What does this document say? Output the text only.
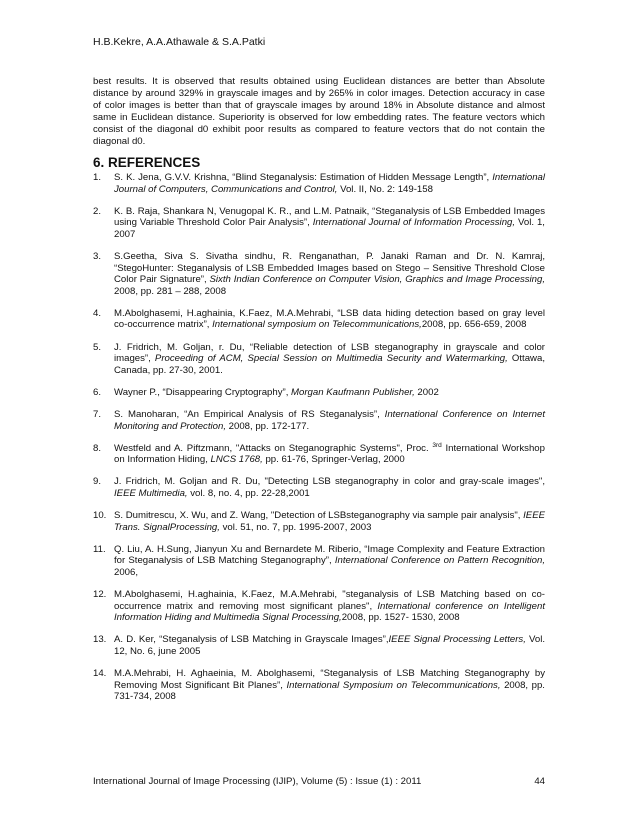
H.B.Kekre, A.A.Athawale & S.A.Patki

best results. It is observed that results obtained using Euclidean distances are better than Absolute distance by around 329% in grayscale images and by 265% in color images. Detection accuracy in case of color images is better than that of grayscale images by around 18% in Absolute distance and almost same in Euclidean distance. Superiority is observed for low embedding rates. The feature vectors which consist of the diagonal d0 exhibit poor results as compared to feature vectors that do not contain the diagonal d0.

6. REFERENCES
1. S. K. Jena, G.V.V. Krishna, “Blind Steganalysis: Estimation of Hidden Message Length”, International Journal of Computers, Communications and Control, Vol. II, No. 2: 149-158
2. K. B. Raja, Shankara N, Venugopal K. R., and L.M. Patnaik, “Steganalysis of LSB Embedded Images using Variable Threshold Color Pair Analysis”, International Journal of Information Processing, Vol. 1, 2007
3. S.Geetha, Siva S. Sivatha sindhu, R. Renganathan, P. Janaki Raman and Dr. N. Kamraj, “StegoHunter: Steganalysis of LSB Embedded Images based on Stego – Sensitive Threshold Close Color Pair Signature”, Sixth Indian Conference on Computer Vision, Graphics and Image Processing, 2008, pp. 281 – 288, 2008
4. M.Abolghasemi, H.aghainia, K.Faez, M.A.Mehrabi, “LSB data hiding detection based on gray level co-occurrence matrix”, International symposium on Telecommunications,2008, pp. 656-659, 2008
5. J. Fridrich, M. Goljan, r. Du, “Reliable detection of LSB steganography in grayscale and color images”, Proceeding of ACM, Special Session on Multimedia Security and Watermarking, Ottawa, Canada, pp. 27-30, 2001.
6. Wayner P., “Disappearing Cryptography”, Morgan Kaufmann Publisher, 2002
7. S. Manoharan, “An Empirical Analysis of RS Steganalysis”, International Conference on Internet Monitoring and Protection, 2008, pp. 172-177.
8. Westfeld and A. Piftzmann, "Attacks on Steganographic Systems", Proc. $^{3rd}$ International Workshop on Information Hiding, LNCS 1768, pp. 61-76, Springer-Verlag, 2000
9. J. Fridrich, M. Goljan and R. Du, "Detecting LSB steganography in color and gray-scale images", IEEE Multimedia, vol. 8, no. 4, pp. 22-28,2001
10. S. Dumitrescu, X. Wu, and Z. Wang, "Detection of LSBsteganography via sample pair analysis", IEEE Trans. SignalProcessing, vol. 51, no. 7, pp. 1995-2007, 2003
11. Q. Liu, A. H.Sung, Jianyun Xu and Bernardete M. Riberio, “Image Complexity and Feature Extraction for Steganalysis of LSB Matching Steganography”, International Conference on Pattern Recognition, 2006,
12. M.Abolghasemi, H.aghainia, K.Faez, M.A.Mehrabi, "steganalysis of LSB Matching based on co-occurrence matrix and removing most significant planes", International conference on Intelligent Information Hiding and Multimedia Signal Processing,2008, pp. 1527- 1530, 2008
13. A. D. Ker, “Steganalysis of LSB Matching in Grayscale Images”,IEEE Signal Processing Letters, Vol. 12, No. 6, june 2005
14. M.A.Mehrabi, H. Aghaeinia, M. Abolghasemi, “Steganalysis of LSB Matching Steganography by Removing Most Significant Bit Planes”, International Symposium on Telecommunications, 2008, pp. 731-734, 2008
International Journal of Image Processing (IJIP), Volume (5) : Issue (1) : 2011	44
